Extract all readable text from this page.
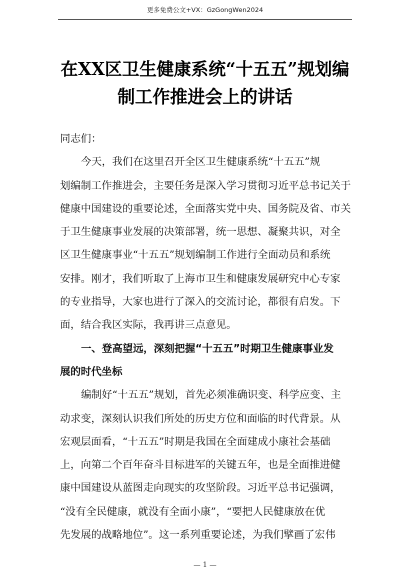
更多免费公文+VX：GzGongWen2024
在XX区卫生健康系统“十五五”规划编
制工作推进会上的讲话
同志们：
今天，我们在这里召开全区卫生健康系统“十五五”规
划编制工作推进会，主要任务是深入学习贯彻习近平总书记关于
健康中国建设的重要论述，全面落实党中央、国务院及省、市关
于卫生健康事业发展的决策部署，统一思想、凝聚共识，对全
区卫生健康事业“十五五”规划编制工作进行全面动员和系统
安排。刚才，我们听取了上海市卫生和健康发展研究中心专家
的专业指导，大家也进行了深入的交流讨论，都很有启发。下
面，结合我区实际，我再讲三点意见。
一、登高望远，深刻把握“十五五”时期卫生健康事业发
展的时代坐标
编制好“十五五”规划，首先必须准确识变、科学应变、主
动求变，深刻认识我们所处的历史方位和面临的时代背景。从
宏观层面看，“十五五”时期是我国在全面建成小康社会基础
上，向第二个百年奋斗目标进军的关键五年，也是全面推进健
康中国建设从蓝图走向现实的攻坚阶段。习近平总书记强调，
“没有全民健康，就没有全面小康”，“要把人民健康放在优
先发展的战略地位”。这一系列重要论述，为我们擘画了宏伟
— 1 —
